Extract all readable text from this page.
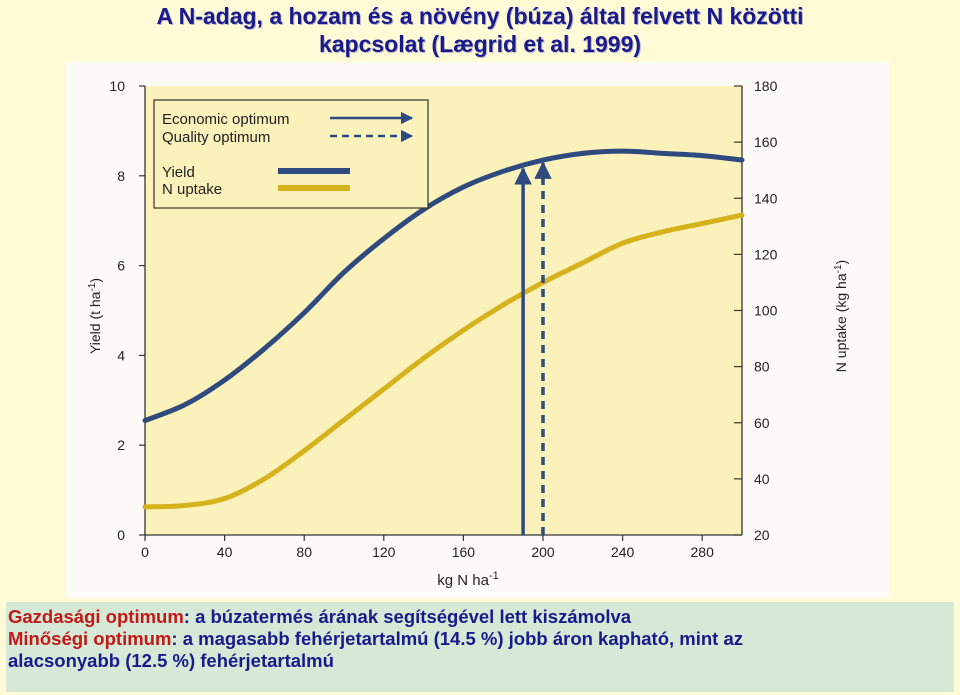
A N-adag, a hozam és a növény (búza) által felvett N közötti
kapcsolat (Lægrid et al. 1999)
0	40	80	120	160	200	240	280
0
2
4
6
8
10
20
40
60
80
100
120
140
160
180
Economic optimum
Quality optimum
Yield
N uptake
kg N $ha^{-1}$
Yield (t $ha^{-1}$)	N uptake (kg $ha^{-1}$)
Gazdasági optimum: a búzatermés árának segítségével lett kiszámolva
Minőségi optimum: a magasabb fehérjetartalmú (14.5 %) jobb áron kapható, mint az
alacsonyabb (12.5 %) fehérjetartalmú
